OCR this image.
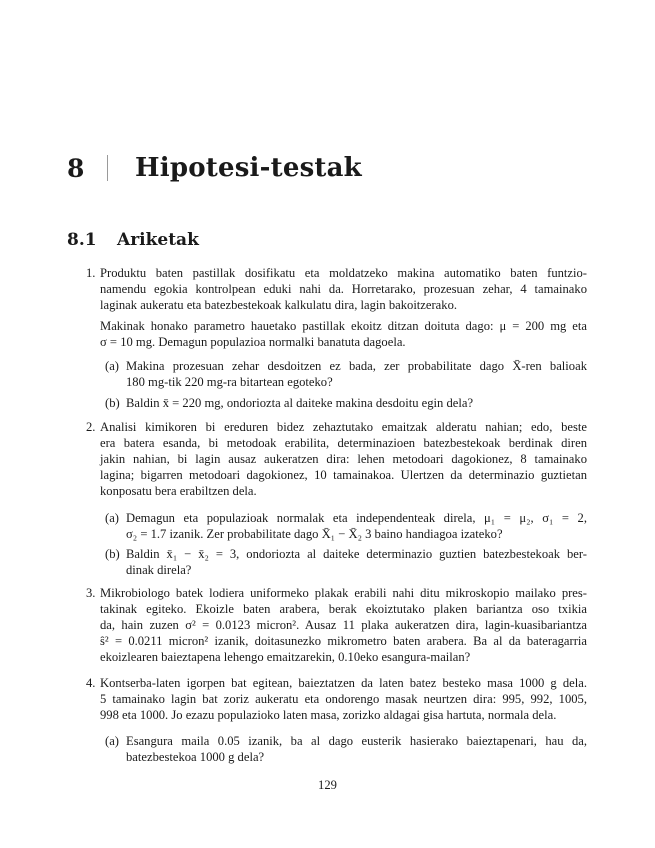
8	Hipotesi-testak
8.1	Ariketak
1. Produktu baten pastillak dosifikatu eta moldatzeko makina automatiko baten funtzio-
namendu egokia kontrolpean eduki nahi da. Horretarako, prozesuan zehar, 4 tamainako
laginak aukeratu eta batezbestekoak kalkulatu dira, lagin bakoitzerako.
Makinak honako parametro hauetako pastillak ekoitz ditzan doituta dago: μ = 200 mg eta
σ = 10 mg. Demagun populazioa normalki banatuta dagoela.
(a) Makina prozesuan zehar desdoitzen ez bada, zer probabilitate dago X̄-ren balioak
180 mg-tik 220 mg-ra bitartean egoteko?
(b) Baldin x̄ = 220 mg, ondoriozta al daiteke makina desdoitu egin dela?
2. Analisi kimikoren bi ereduren bidez zehaztutako emaitzak alderatu nahian; edo, beste
era batera esanda, bi metodoak erabilita, determinazioen batezbestekoak berdinak diren
jakin nahian, bi lagin ausaz aukeratzen dira: lehen metodoari dagokionez, 8 tamainako
lagina; bigarren metodoari dagokionez, 10 tamainakoa. Ulertzen da determinazio guztietan
konposatu bera erabiltzen dela.
(a) Demagun eta populazioak normalak eta independenteak direla, μ₁ = μ₂, σ₁ = 2,
σ₂ = 1.7 izanik. Zer probabilitate dago X̄₁ − X̄₂ 3 baino handiagoa izateko?
(b) Baldin x̄₁ − x̄₂ = 3, ondoriozta al daiteke determinazio guztien batezbestekoak ber-
dinak direla?
3. Mikrobiologo batek lodiera uniformeko plakak erabili nahi ditu mikroskopio mailako pres-
takinak egiteko. Ekoizle baten arabera, berak ekoiztutako plaken bariantza oso txikia
da, hain zuzen σ² = 0.0123 micron². Ausaz 11 plaka aukeratzen dira, lagin-kuasibariantza
ŝ² = 0.0211 micron² izanik, doitasunezko mikrometro baten arabera. Ba al da bateragarria
ekoizlearen baieztapena lehengo emaitzarekin, 0.10eko esangura-mailan?
4. Kontserba-laten igorpen bat egitean, baieztatzen da laten batez besteko masa 1000 g dela.
5 tamainako lagin bat zoriz aukeratu eta ondorengo masak neurtzen dira: 995, 992, 1005,
998 eta 1000. Jo ezazu populazioko laten masa, zorizko aldagai gisa hartuta, normala dela.
(a) Esangura maila 0.05 izanik, ba al dago eusterik hasierako baieztapenari, hau da,
batezbestekoa 1000 g dela?
129
